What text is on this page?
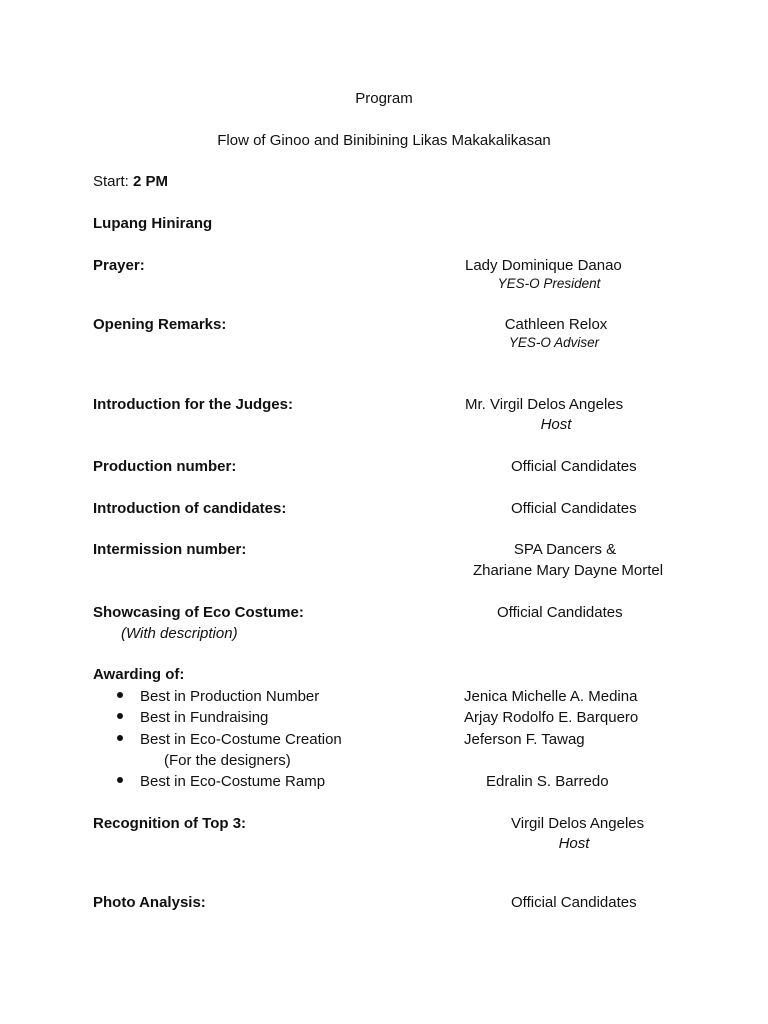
Program
Flow of Ginoo and Binibining Likas Makakalikasan
Start: 2 PM
Lupang Hinirang
Prayer:	Lady Dominique Danao
YES-O President
Opening Remarks:	Cathleen Relox
YES-O Adviser
Introduction for the Judges:	Mr. Virgil Delos Angeles
Host
Production number:	Official Candidates
Introduction of candidates:	Official Candidates
Intermission number:	SPA Dancers &
Zhariane Mary Dayne Mortel
Showcasing of Eco Costume:	Official Candidates
(With description)
Awarding of:
Best in Production Number	Jenica Michelle A. Medina
Best in Fundraising	Arjay Rodolfo E. Barquero
Best in Eco-Costume Creation	Jeferson F. Tawag
(For the designers)
Best in Eco-Costume Ramp	Edralin S. Barredo
Recognition of Top 3:	Virgil Delos Angeles
Host
Photo Analysis:	Official Candidates
